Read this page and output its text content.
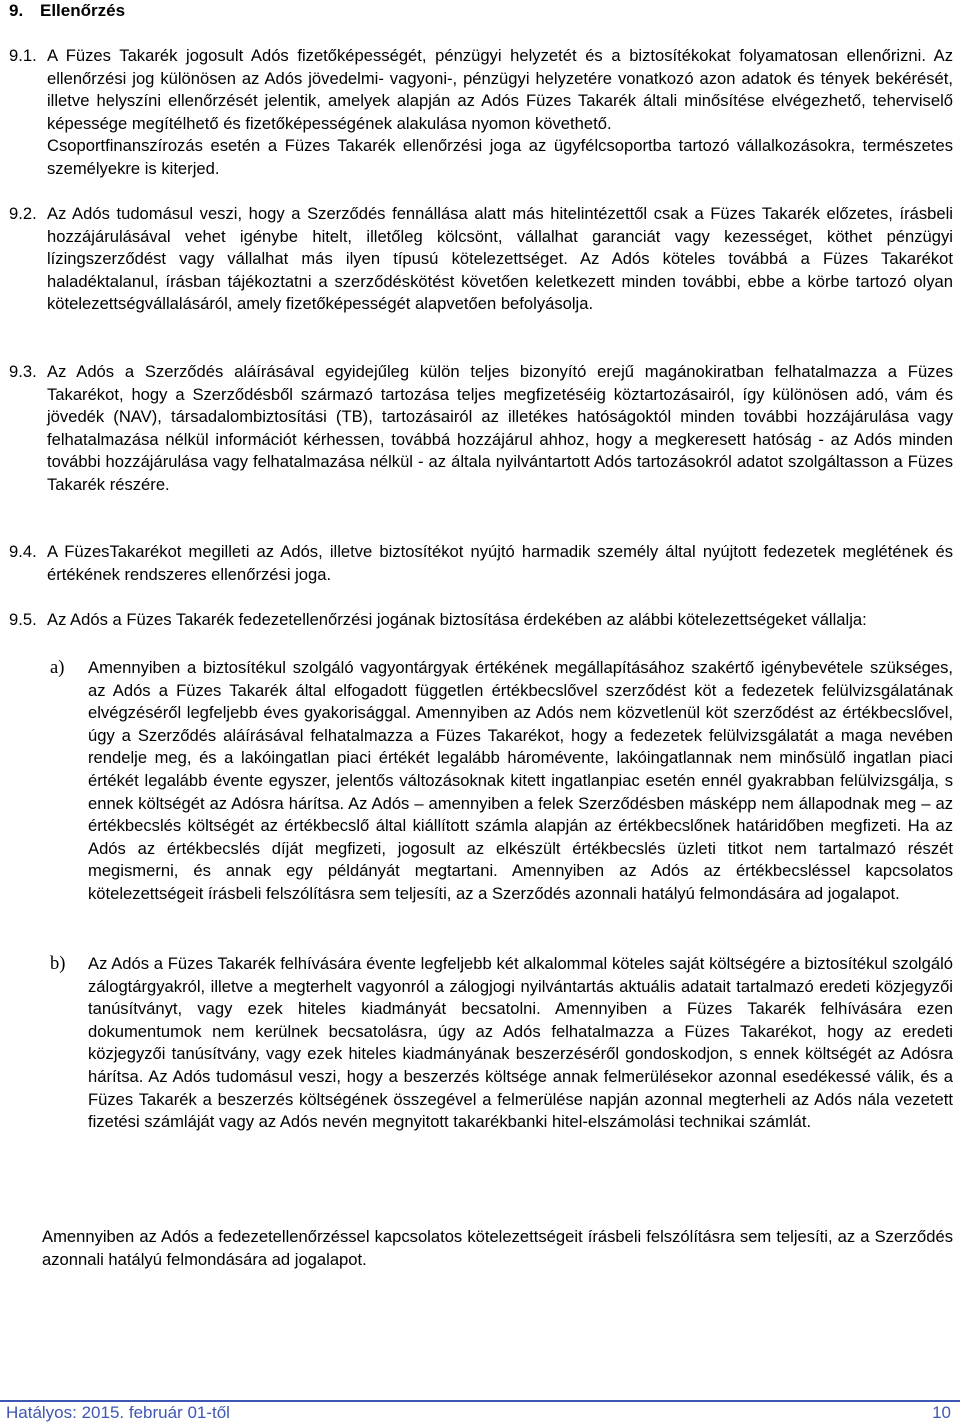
9. Ellenőrzés
9.1. A Füzes Takarék jogosult Adós fizetőképességét, pénzügyi helyzetét és a biztosítékokat folyamatosan ellenőrizni. Az ellenőrzési jog különösen az Adós jövedelmi- vagyoni-, pénzügyi helyzetére vonatkozó azon adatok és tények bekérését, illetve helyszíni ellenőrzését jelentik, amelyek alapján az Adós Füzes Takarék általi minősítése elvégezhető, teherviselő képessége megítélhető és fizetőképességének alakulása nyomon követhető.
Csoportfinanszírozás esetén a Füzes Takarék ellenőrzési joga az ügyfélcsoportba tartozó vállalkozásokra, természetes személyekre is kiterjed.
9.2. Az Adós tudomásul veszi, hogy a Szerződés fennállása alatt más hitelintézettől csak a Füzes Takarék előzetes, írásbeli hozzájárulásával vehet igénybe hitelt, illetőleg kölcsönt, vállalhat garanciát vagy kezességet, köthet pénzügyi lízingszerződést vagy vállalhat más ilyen típusú kötelezettséget. Az Adós köteles továbbá a Füzes Takarékot haladéktalanul, írásban tájékoztatni a szerződéskötést követően keletkezett minden további, ebbe a körbe tartozó olyan kötelezettségvállalásáról, amely fizetőképességét alapvetően befolyásolja.
9.3. Az Adós a Szerződés aláírásával egyidejűleg külön teljes bizonyító erejű magánokiratban felhatalmazza a Füzes Takarékot, hogy a Szerződésből származó tartozása teljes megfizetéséig köztartozásairól, így különösen adó, vám és jövedék (NAV), társadalombiztosítási (TB), tartozásairól az illetékes hatóságoktól minden további hozzájárulása vagy felhatalmazása nélkül információt kérhessen, továbbá hozzájárul ahhoz, hogy a megkeresett hatóság - az Adós minden további hozzájárulása vagy felhatalmazása nélkül - az általa nyilvántartott Adós tartozásokról adatot szolgáltasson a Füzes Takarék részére.
9.4. A FüzesTakarékot megilleti az Adós, illetve biztosítékot nyújtó harmadik személy által nyújtott fedezetek meglétének és értékének rendszeres ellenőrzési joga.
9.5. Az Adós a Füzes Takarék fedezetellenőrzési jogának biztosítása érdekében az alábbi kötelezettségeket vállalja:
a) Amennyiben a biztosítékul szolgáló vagyontárgyak értékének megállapításához szakértő igénybevétele szükséges, az Adós a Füzes Takarék által elfogadott független értékbecslővel szerződést köt a fedezetek felülvizsgálatának elvégzéséről legfeljebb éves gyakorisággal. Amennyiben az Adós nem közvetlenül köt szerződést az értékbecslővel, úgy a Szerződés aláírásával felhatalmazza a Füzes Takarékot, hogy a fedezetek felülvizsgálatát a maga nevében rendelje meg, és a lakóingatlan piaci értékét legalább háromévente, lakóingatlannak nem minősülő ingatlan piaci értékét legalább évente egyszer, jelentős változásoknak kitett ingatlanpiac esetén ennél gyakrabban felülvizsgálja, s ennek költségét az Adósra hárítsa. Az Adós – amennyiben a felek Szerződésben másképp nem állapodnak meg – az értékbecslés költségét az értékbecslő által kiállított számla alapján az értékbecslőnek határidőben megfizeti. Ha az Adós az értékbecslés díját megfizeti, jogosult az elkészült értékbecslés üzleti titkot nem tartalmazó részét megismerni, és annak egy példányát megtartani. Amennyiben az Adós az értékbecsléssel kapcsolatos kötelezettségeit írásbeli felszólításra sem teljesíti, az a Szerződés azonnali hatályú felmondására ad jogalapot.
b) Az Adós a Füzes Takarék felhívására évente legfeljebb két alkalommal köteles saját költségére a biztosítékul szolgáló zálogtárgyakról, illetve a megterhelt vagyonról a zálogjogi nyilvántartás aktuális adatait tartalmazó eredeti közjegyzői tanúsítványt, vagy ezek hiteles kiadmányát becsatolni. Amennyiben a Füzes Takarék felhívására ezen dokumentumok nem kerülnek becsatolásra, úgy az Adós felhatalmazza a Füzes Takarékot, hogy az eredeti közjegyzői tanúsítvány, vagy ezek hiteles kiadmányának beszerzéséről gondoskodjon, s ennek költségét az Adósra hárítsa. Az Adós tudomásul veszi, hogy a beszerzés költsége annak felmerülésekor azonnal esedékessé válik, és a Füzes Takarék a beszerzés költségének összegével a felmerülése napján azonnal megterheli az Adós nála vezetett fizetési számláját vagy az Adós nevén megnyitott takarékbanki hitel-elszámolási technikai számlát.
Amennyiben az Adós a fedezetellenőrzéssel kapcsolatos kötelezettségeit írásbeli felszólításra sem teljesíti, az a Szerződés azonnali hatályú felmondására ad jogalapot.
Hatályos: 2015. február 01-től	10
